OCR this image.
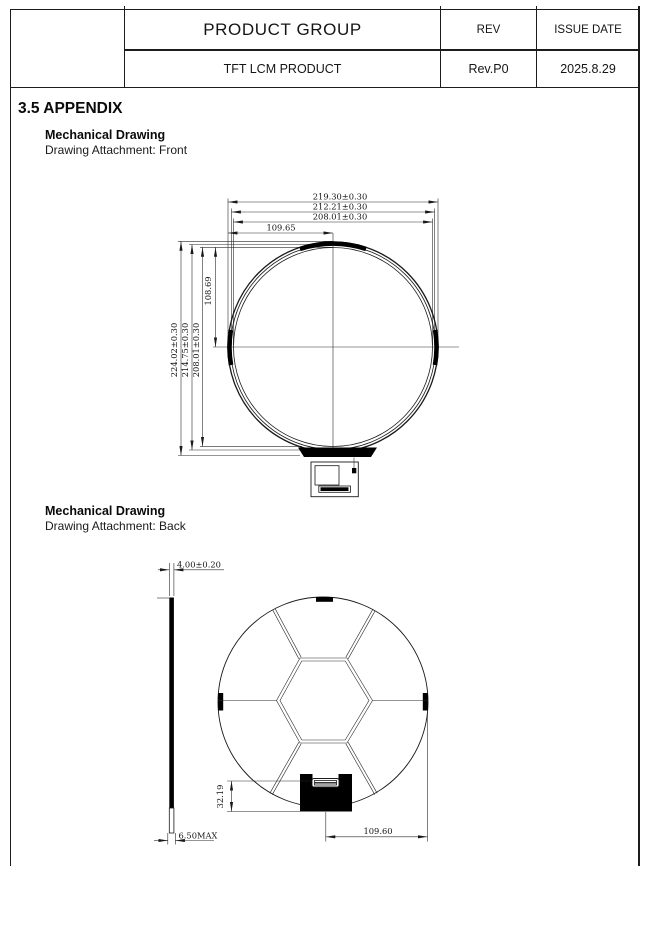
PRODUCT GROUP	REV	ISSUE DATE
TFT LCM PRODUCT	Rev.P0	2025.8.29
3.5 APPENDIX
Mechanical Drawing
Drawing Attachment: Front
Mechanical Drawing
Drawing Attachment: Back
219.30±0.30
212.21±0.30
208.01±0.30
109.65
224.02±0.30 214.75±0.30 208.01±0.30
108.69
4.00±0.20
6.50MAX
32.19
109.60
